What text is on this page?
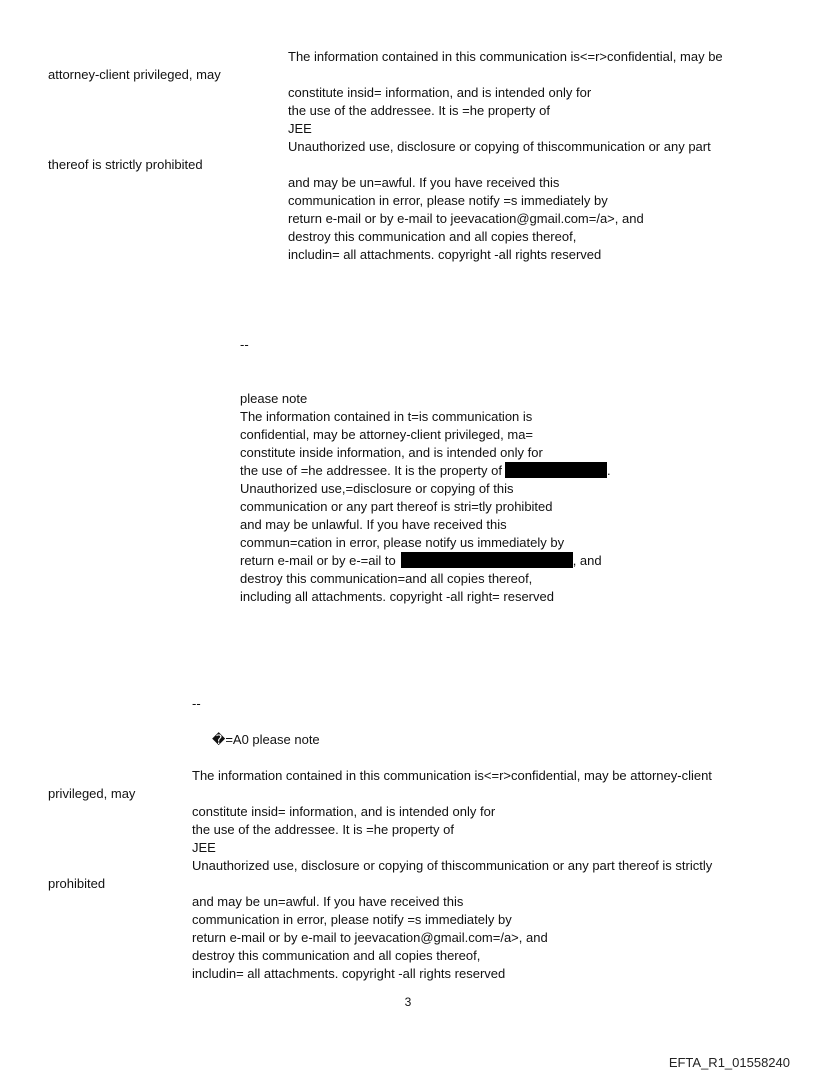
The information contained in this communication is<=r>confidential, may be
attorney-client privileged, may
constitute insid= information, and is intended only for
the use of the addressee. It is =he property of
JEE
Unauthorized use, disclosure or copying of thiscommunication or any part
thereof is strictly prohibited
and may be un=awful. If you have received this
communication in error, please notify =s immediately by
return e-mail or by e-mail to jeevacation@gmail.com=/a>, and
destroy this communication and all copies thereof,
includin= all attachments. copyright -all rights reserved
--
please note
The information contained in t=is communication is
confidential, may be attorney-client privileged, ma=
constitute inside information, and is intended only for
the use of =he addressee. It is the property of	.
Unauthorized use,=disclosure or copying of this
communication or any part thereof is stri=tly prohibited
and may be unlawful. If you have received this
commun=cation in error, please notify us immediately by
return e-mail or by e-=ail to	, and
destroy this communication=and all copies thereof,
including all attachments. copyright -all right= reserved
--
�=A0 please note
The information contained in this communication is<=r>confidential, may be attorney-client
privileged, may
constitute insid= information, and is intended only for
the use of the addressee. It is =he property of
JEE
Unauthorized use, disclosure or copying of thiscommunication or any part thereof is strictly
prohibited
and may be un=awful. If you have received this
communication in error, please notify =s immediately by
return e-mail or by e-mail to jeevacation@gmail.com=/a>, and
destroy this communication and all copies thereof,
includin= all attachments. copyright -all rights reserved
3
EFTA_R1_01558240
